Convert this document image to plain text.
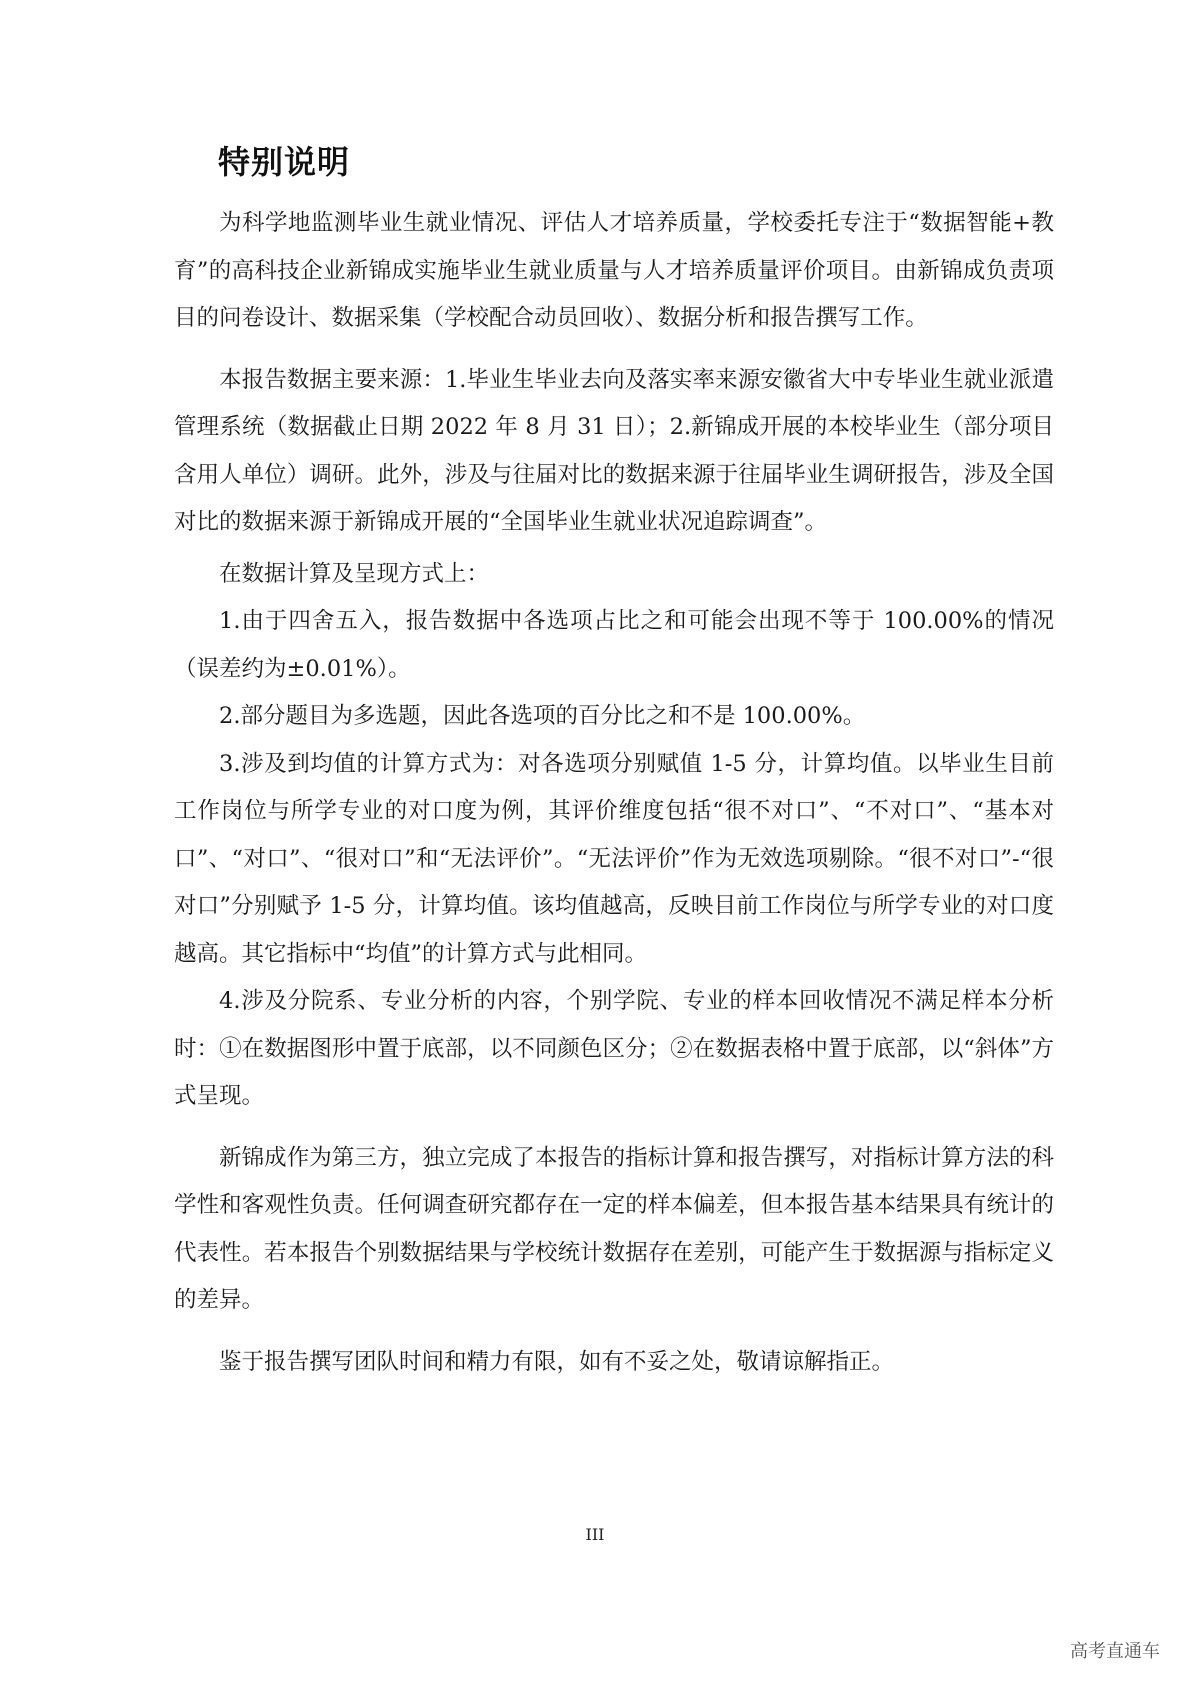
特别说明

为科学地监测毕业生就业情况、评估人才培养质量，学校委托专注于“数据智能+教育”的高科技企业新锦成实施毕业生就业质量与人才培养质量评价项目。由新锦成负责项目的问卷设计、数据采集（学校配合动员回收）、数据分析和报告撰写工作。

本报告数据主要来源：1.毕业生毕业去向及落实率来源安徽省大中专毕业生就业派遣管理系统（数据截止日期 2022 年 8 月 31 日）；2.新锦成开展的本校毕业生（部分项目含用人单位）调研。此外，涉及与往届对比的数据来源于往届毕业生调研报告，涉及全国对比的数据来源于新锦成开展的“全国毕业生就业状况追踪调查”。

在数据计算及呈现方式上：

1.由于四舍五入，报告数据中各选项占比之和可能会出现不等于 100.00%的情况（误差约为±0.01%）。

2.部分题目为多选题，因此各选项的百分比之和不是 100.00%。

3.涉及到均值的计算方式为：对各选项分别赋值 1-5 分，计算均值。以毕业生目前工作岗位与所学专业的对口度为例，其评价维度包括“很不对口”、“不对口”、“基本对口”、“对口”、“很对口”和“无法评价”。“无法评价”作为无效选项剔除。“很不对口”-“很对口”分别赋予 1-5 分，计算均值。该均值越高，反映目前工作岗位与所学专业的对口度越高。其它指标中“均值”的计算方式与此相同。

4.涉及分院系、专业分析的内容，个别学院、专业的样本回收情况不满足样本分析时：①在数据图形中置于底部，以不同颜色区分；②在数据表格中置于底部，以“斜体”方式呈现。

新锦成作为第三方，独立完成了本报告的指标计算和报告撰写，对指标计算方法的科学性和客观性负责。任何调查研究都存在一定的样本偏差，但本报告基本结果具有统计的代表性。若本报告个别数据结果与学校统计数据存在差别，可能产生于数据源与指标定义的差异。

鉴于报告撰写团队时间和精力有限，如有不妥之处，敬请谅解指正。

III

高考直通车
